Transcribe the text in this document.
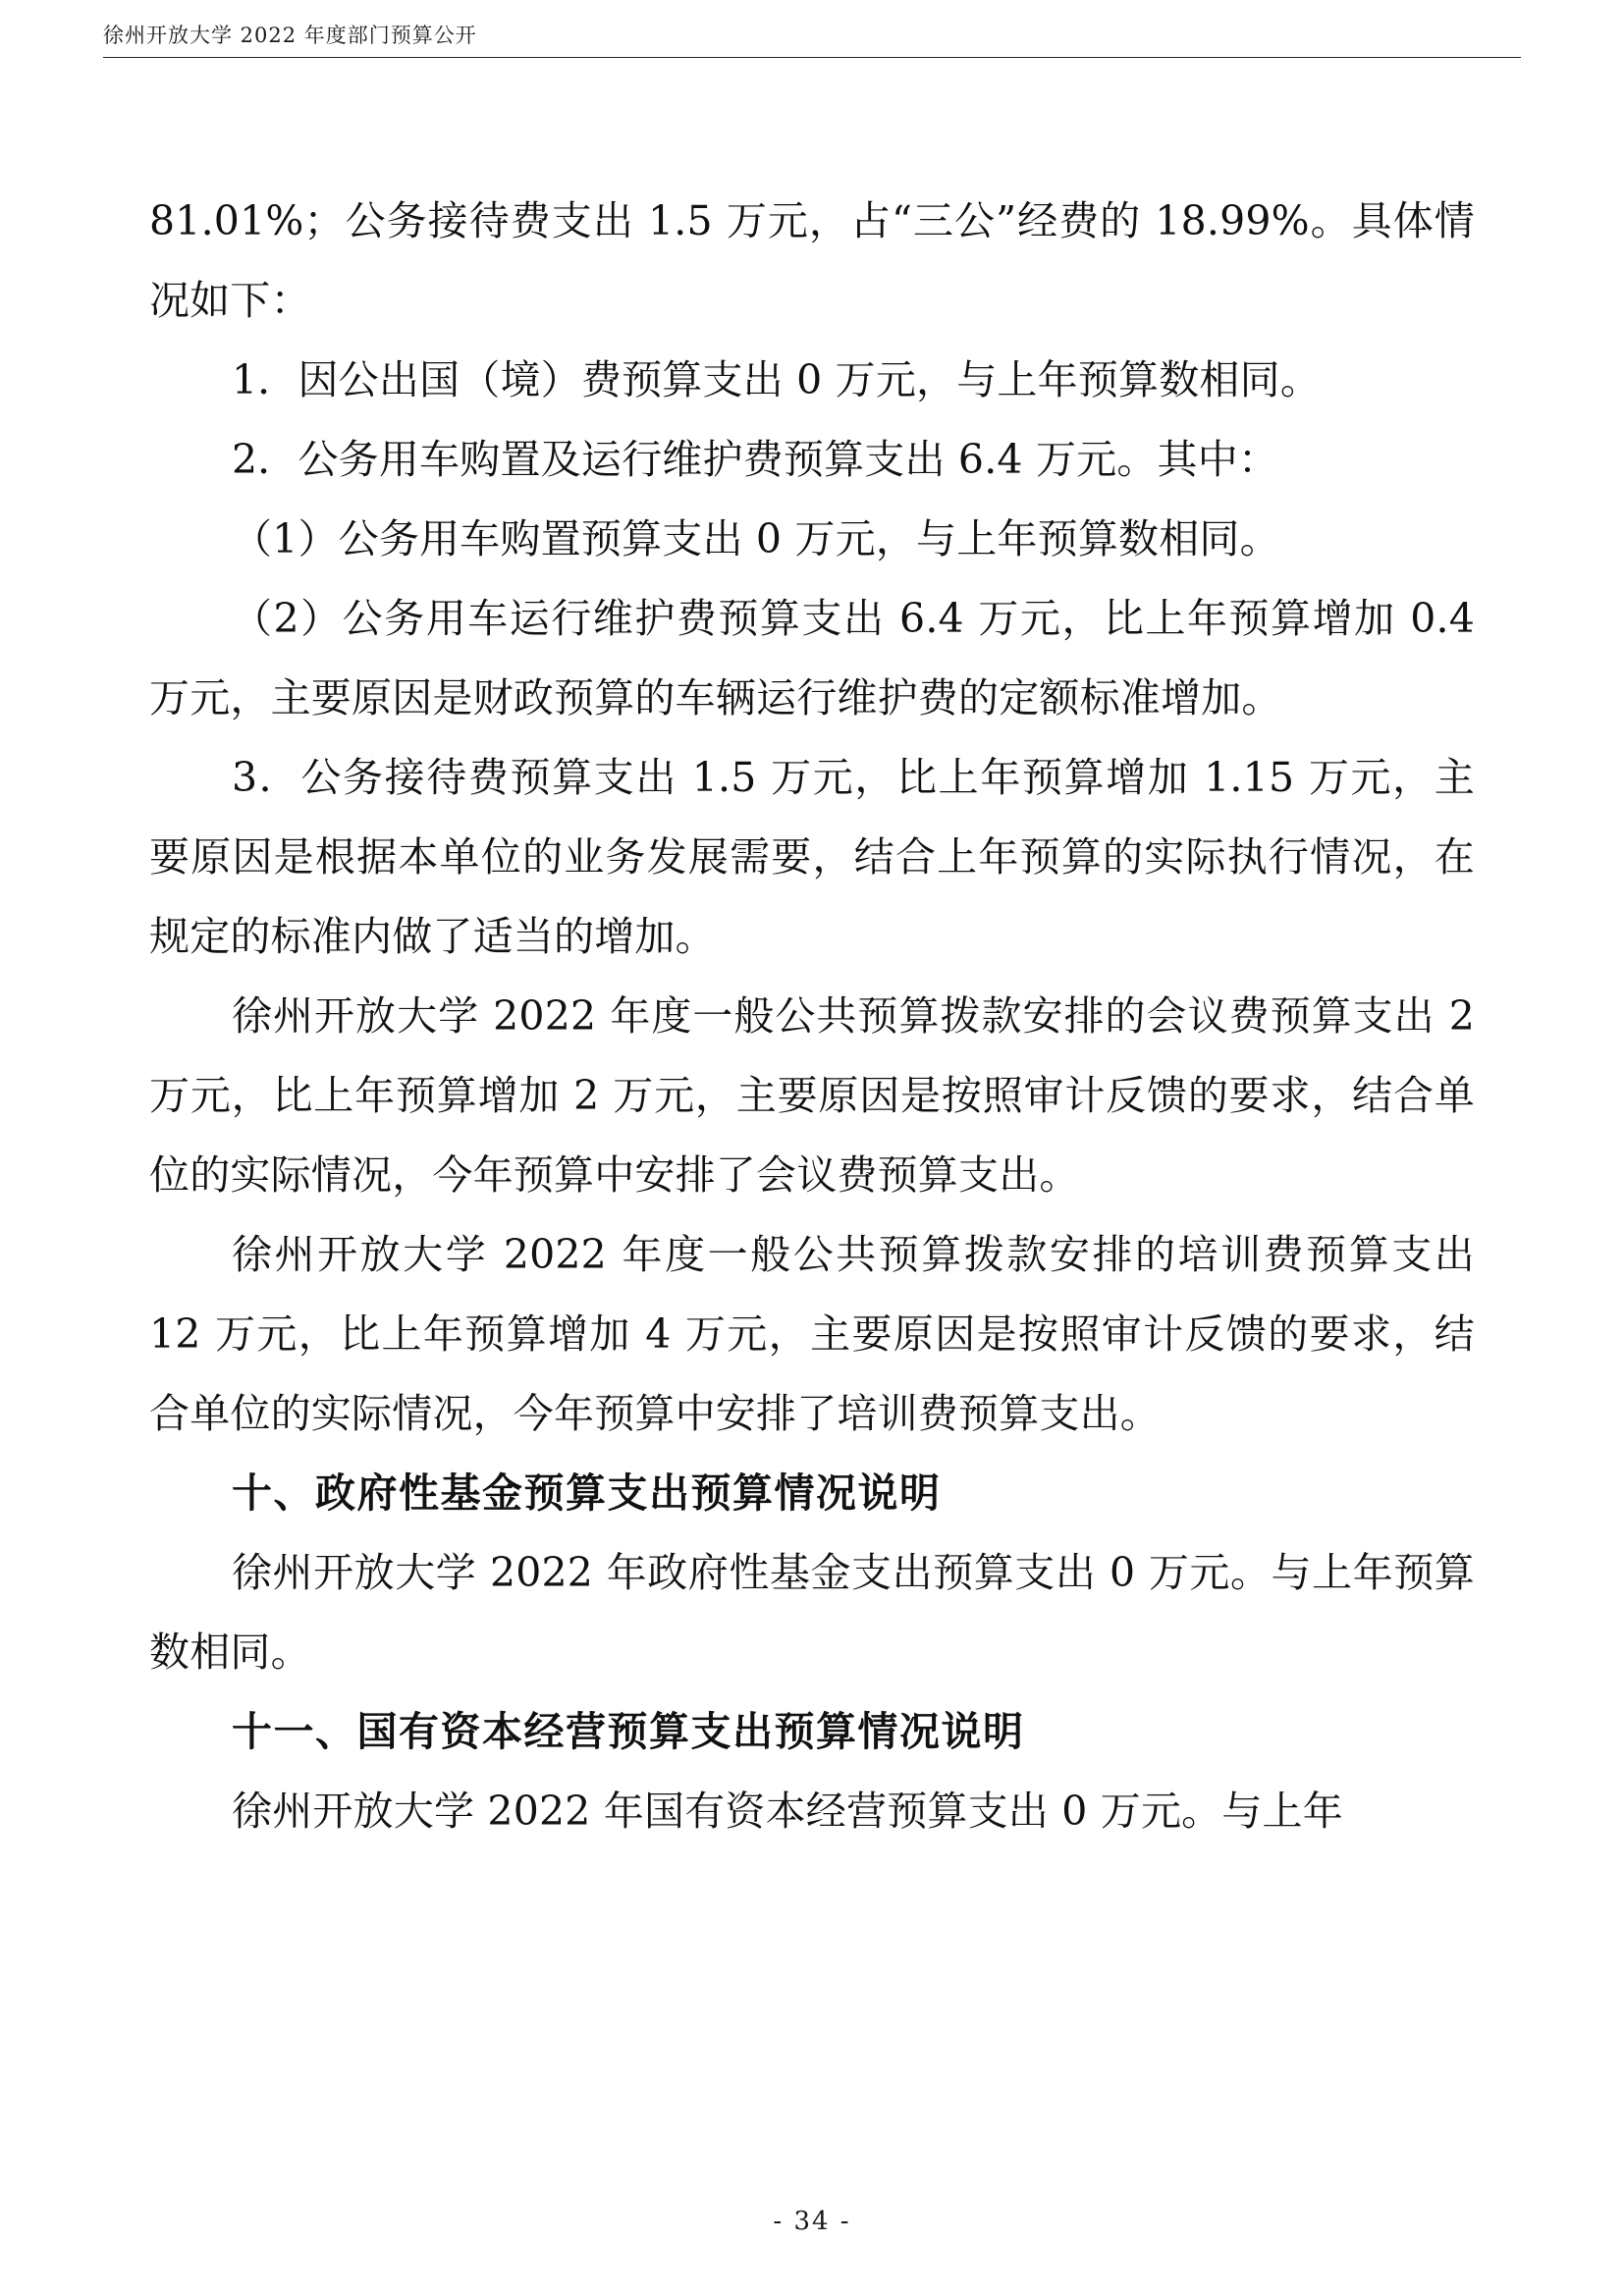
徐州开放大学 2022 年度部门预算公开

81.01%；公务接待费支出 1.5 万元，占“三公”经费的 18.99%。具体情况如下：

1．因公出国（境）费预算支出 0 万元，与上年预算数相同。

2．公务用车购置及运行维护费预算支出 6.4 万元。其中：

（1）公务用车购置预算支出 0 万元，与上年预算数相同。

（2）公务用车运行维护费预算支出 6.4 万元，比上年预算增加 0.4 万元，主要原因是财政预算的车辆运行维护费的定额标准增加。

3．公务接待费预算支出 1.5 万元，比上年预算增加 1.15 万元，主要原因是根据本单位的业务发展需要，结合上年预算的实际执行情况，在规定的标准内做了适当的增加。

徐州开放大学 2022 年度一般公共预算拨款安排的会议费预算支出 2 万元，比上年预算增加 2 万元，主要原因是按照审计反馈的要求，结合单位的实际情况，今年预算中安排了会议费预算支出。

徐州开放大学 2022 年度一般公共预算拨款安排的培训费预算支出 12 万元，比上年预算增加 4 万元，主要原因是按照审计反馈的要求，结合单位的实际情况，今年预算中安排了培训费预算支出。

十、政府性基金预算支出预算情况说明

徐州开放大学 2022 年政府性基金支出预算支出 0 万元。与上年预算数相同。

十一、国有资本经营预算支出预算情况说明

徐州开放大学 2022 年国有资本经营预算支出 0 万元。与上年

- 34 -
